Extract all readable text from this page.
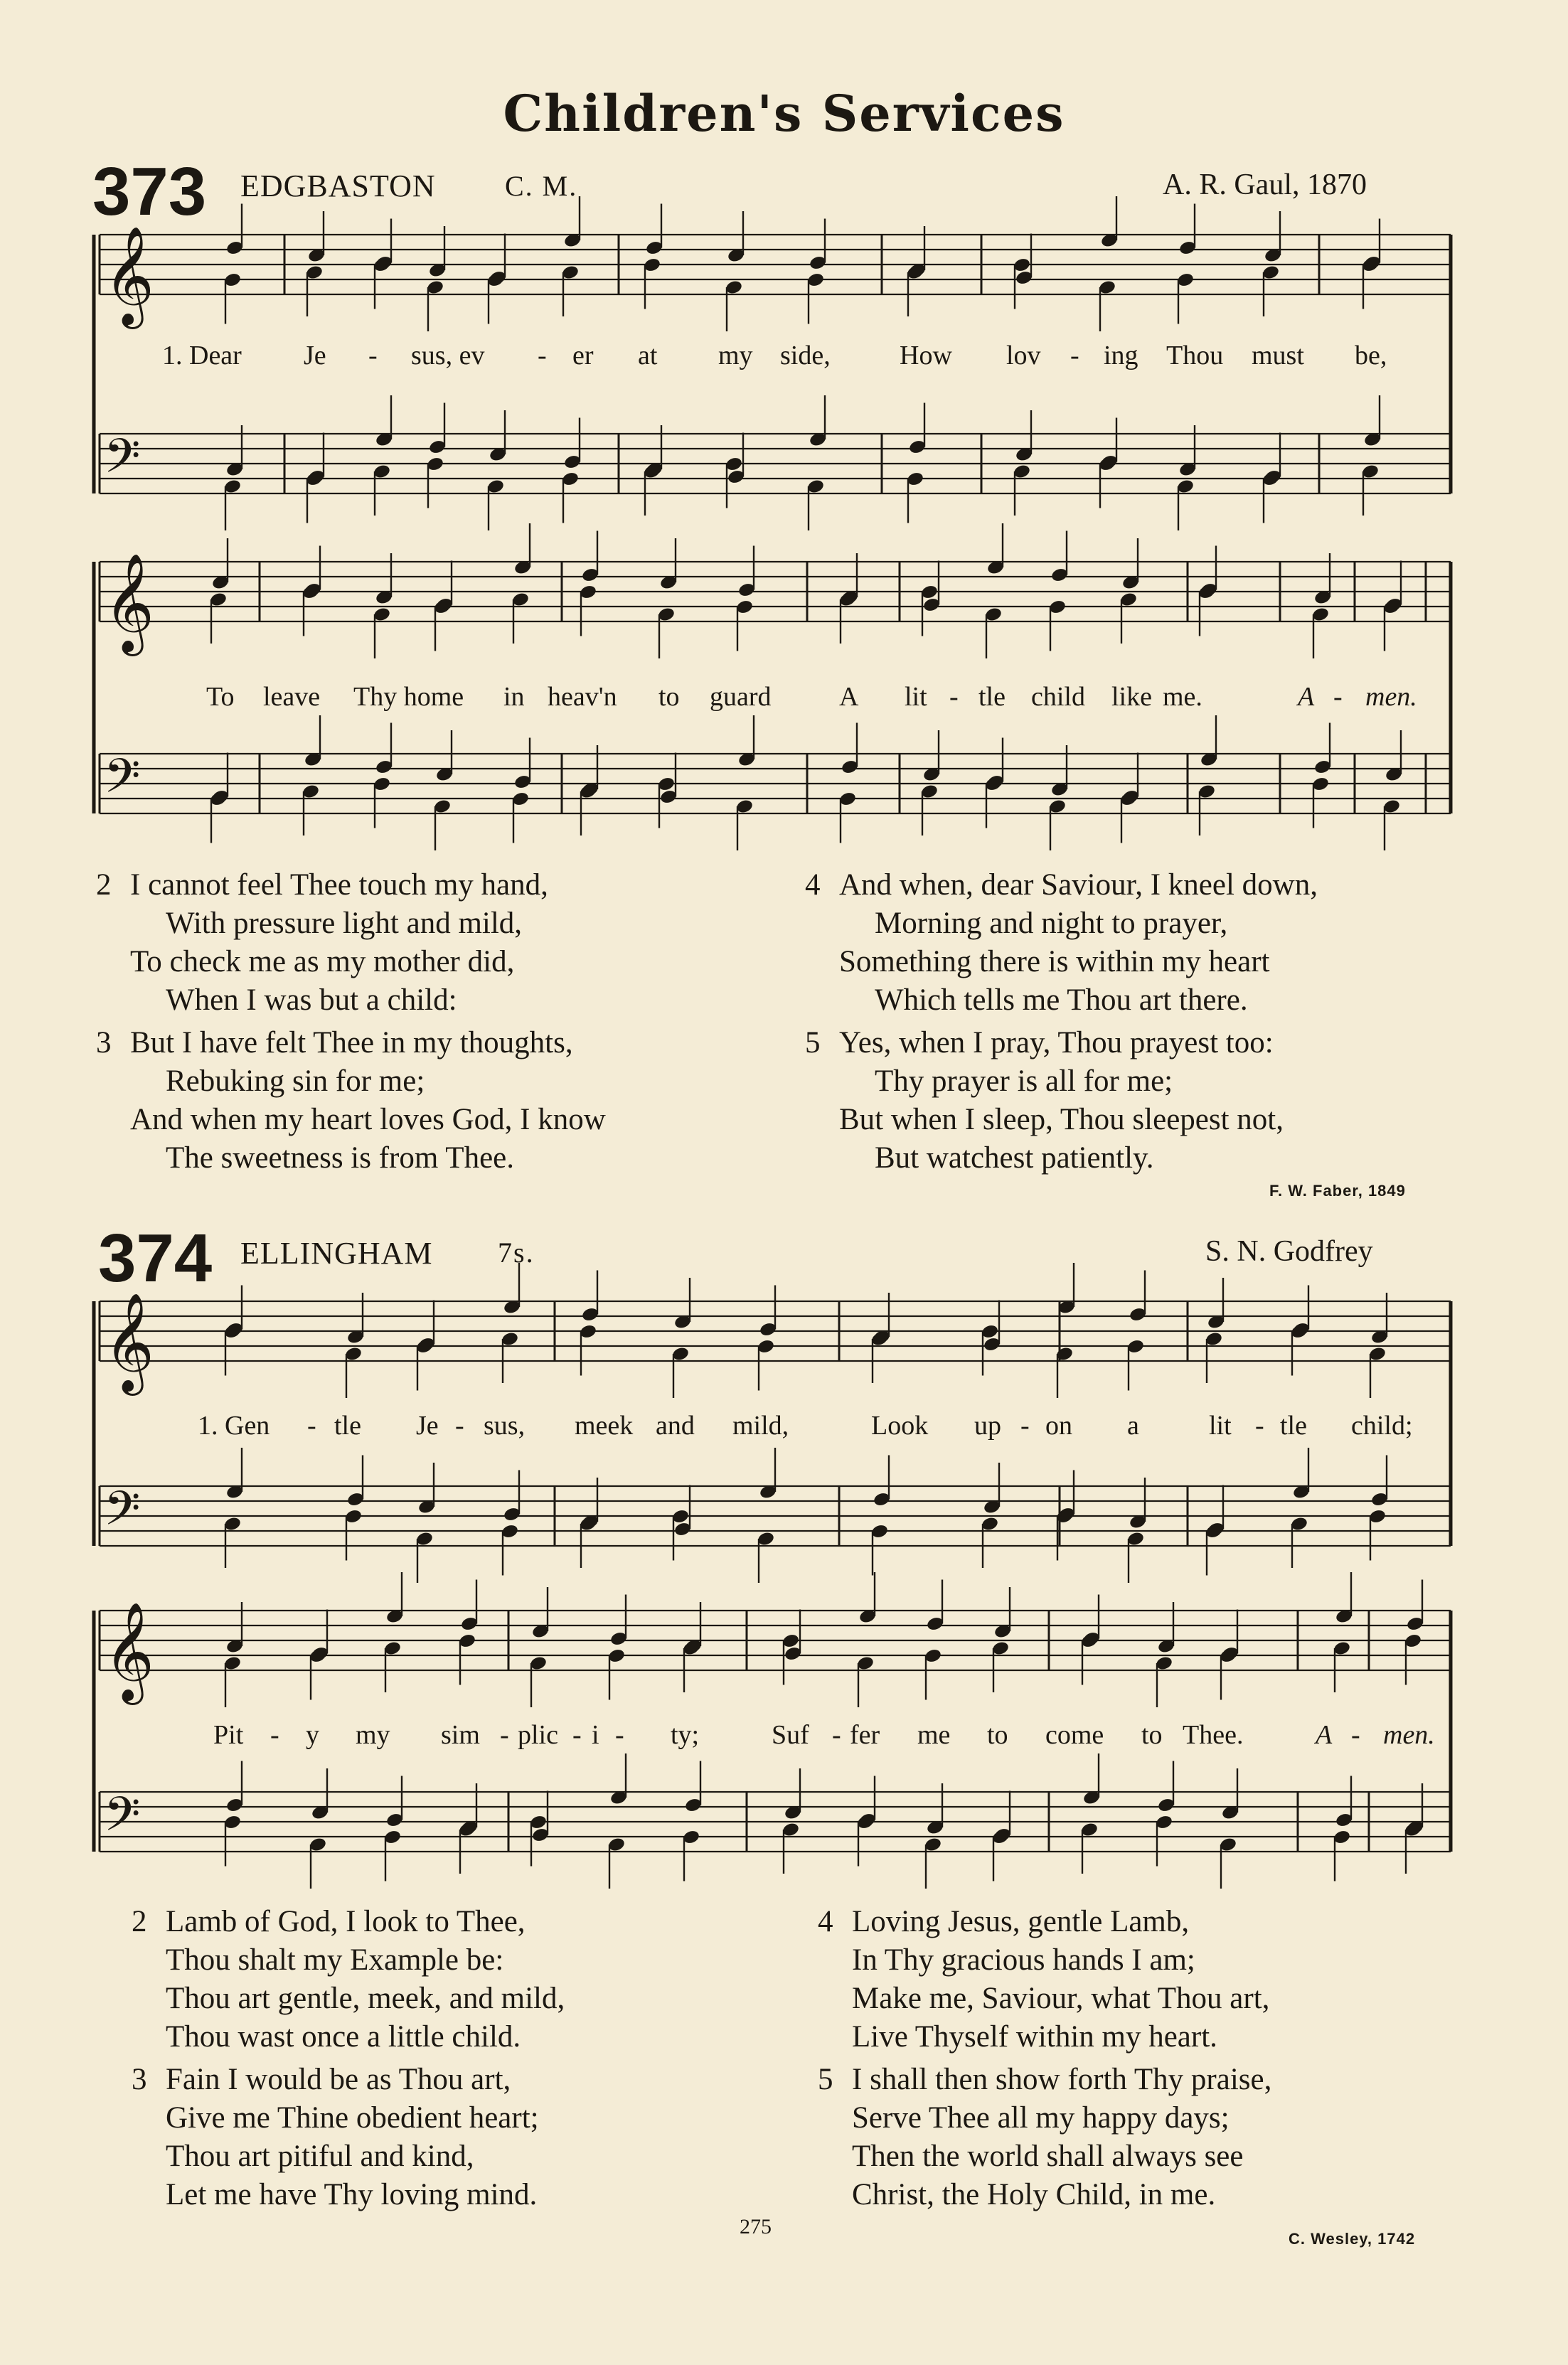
Children's Services
373 EDGBASTON C. M.	A. R. Gaul, 1870
1. Dear Je - sus, ev - er at my side,	How lov - ing Thou must be,
To leave Thy home in heav'n to guard	A lit - tle child like me.	A - men.
2 I cannot feel Thee touch my hand,
With pressure light and mild,
To check me as my mother did,
When I was but a child:
3 But I have felt Thee in my thoughts,
Rebuking sin for me;
And when my heart loves God, I know
The sweetness is from Thee.
4 And when, dear Saviour, I kneel down,
Morning and night to prayer,
Something there is within my heart
Which tells me Thou art there.
5 Yes, when I pray, Thou prayest too:
Thy prayer is all for me;
But when I sleep, Thou sleepest not,
But watchest patiently.
F. W. Faber, 1849
374 ELLINGHAM 7s.	S. N. Godfrey
1. Gen - tle Je - sus, meek and mild,	Look up - on a	lit - tle child;
Pit - y my sim - plic - i - ty;	Suf - fer me to come to Thee.	A - men.
2 Lamb of God, I look to Thee,
Thou shalt my Example be:
Thou art gentle, meek, and mild,
Thou wast once a little child.
3 Fain I would be as Thou art,
Give me Thine obedient heart;
Thou art pitiful and kind,
Let me have Thy loving mind.
4 Loving Jesus, gentle Lamb,
In Thy gracious hands I am;
Make me, Saviour, what Thou art,
Live Thyself within my heart.
5 I shall then show forth Thy praise,
Serve Thee all my happy days;
Then the world shall always see
Christ, the Holy Child, in me.
C. Wesley, 1742
275
𝄞
𝄢
𝄞
𝄢
𝄞
𝄢
𝄞
𝄢
